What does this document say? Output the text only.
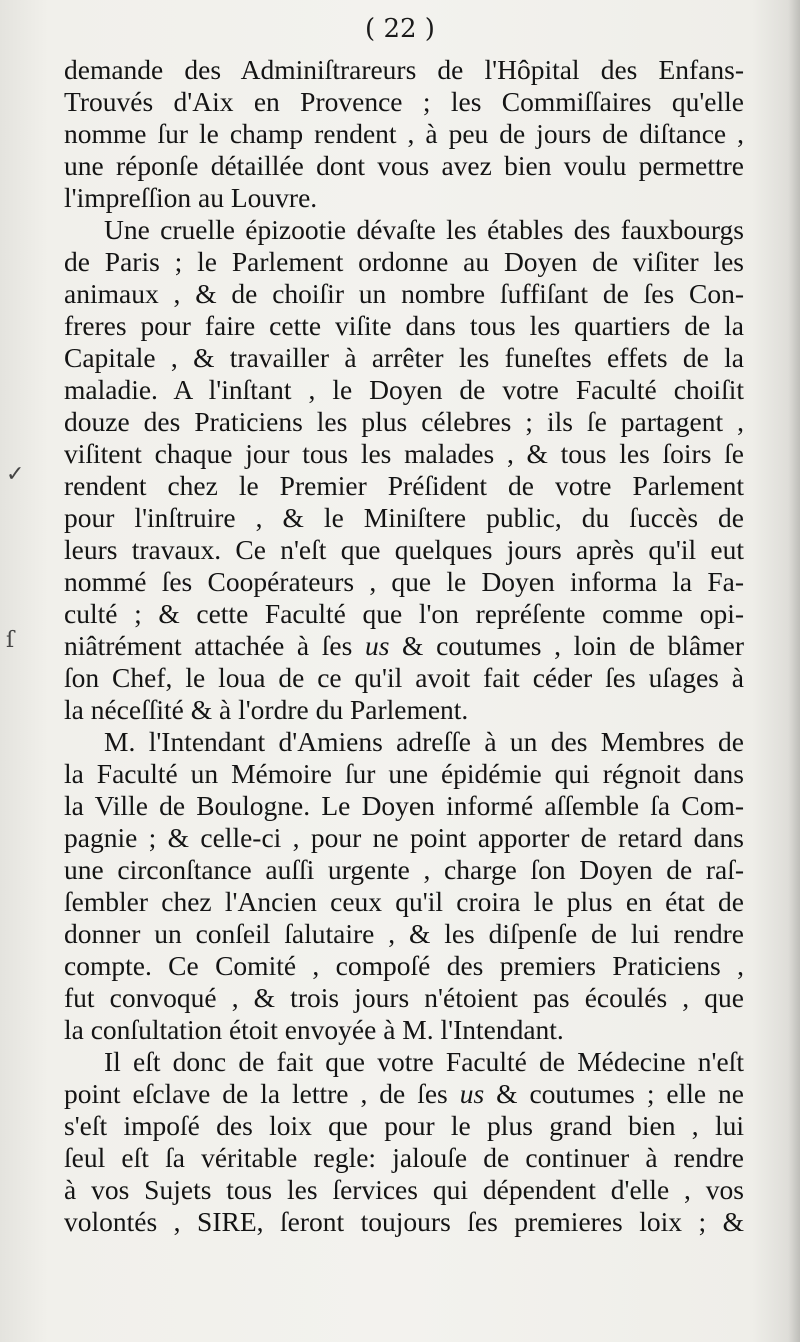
✓
ſ
( 22 )
demande des Adminiſtrareurs de l'Hôpital des Enfans-
Trouvés d'Aix en Provence ; les Commiſſaires qu'elle
nomme ſur le champ rendent , à peu de jours de diſtance ,
une réponſe détaillée dont vous avez bien voulu permettre
l'impreſſion au Louvre.
Une cruelle épizootie dévaſte les étables des fauxbourgs
de Paris ; le Parlement ordonne au Doyen de viſiter les
animaux , & de choiſir un nombre ſuffiſant de ſes Con-
freres pour faire cette viſite dans tous les quartiers de la
Capitale , & travailler à arrêter les funeſtes effets de la
maladie. A l'inſtant , le Doyen de votre Faculté choiſit
douze des Praticiens les plus célebres ; ils ſe partagent ,
viſitent chaque jour tous les malades , & tous les ſoirs ſe
rendent chez le Premier Préſident de votre Parlement
pour l'inſtruire , & le Miniſtere public, du ſuccès de
leurs travaux. Ce n'eſt que quelques jours après qu'il eut
nommé ſes Coopérateurs , que le Doyen informa la Fa-
culté ; & cette Faculté que l'on repréſente comme opi-
niâtrément attachée à ſes us & coutumes , loin de blâmer
ſon Chef, le loua de ce qu'il avoit fait céder ſes uſages à
la néceſſité & à l'ordre du Parlement.
M. l'Intendant d'Amiens adreſſe à un des Membres de
la Faculté un Mémoire ſur une épidémie qui régnoit dans
la Ville de Boulogne. Le Doyen informé aſſemble ſa Com-
pagnie ; & celle-ci , pour ne point apporter de retard dans
une circonſtance auſſi urgente , charge ſon Doyen de raſ-
ſembler chez l'Ancien ceux qu'il croira le plus en état de
donner un conſeil ſalutaire , & les diſpenſe de lui rendre
compte. Ce Comité , compoſé des premiers Praticiens ,
fut convoqué , & trois jours n'étoient pas écoulés , que
la conſultation étoit envoyée à M. l'Intendant.
Il eſt donc de fait que votre Faculté de Médecine n'eſt
point eſclave de la lettre , de ſes us & coutumes ; elle ne
s'eſt impoſé des loix que pour le plus grand bien , lui
ſeul eſt ſa véritable regle: jalouſe de continuer à rendre
à vos Sujets tous les ſervices qui dépendent d'elle , vos
volontés , SIRE, ſeront toujours ſes premieres loix ; &
